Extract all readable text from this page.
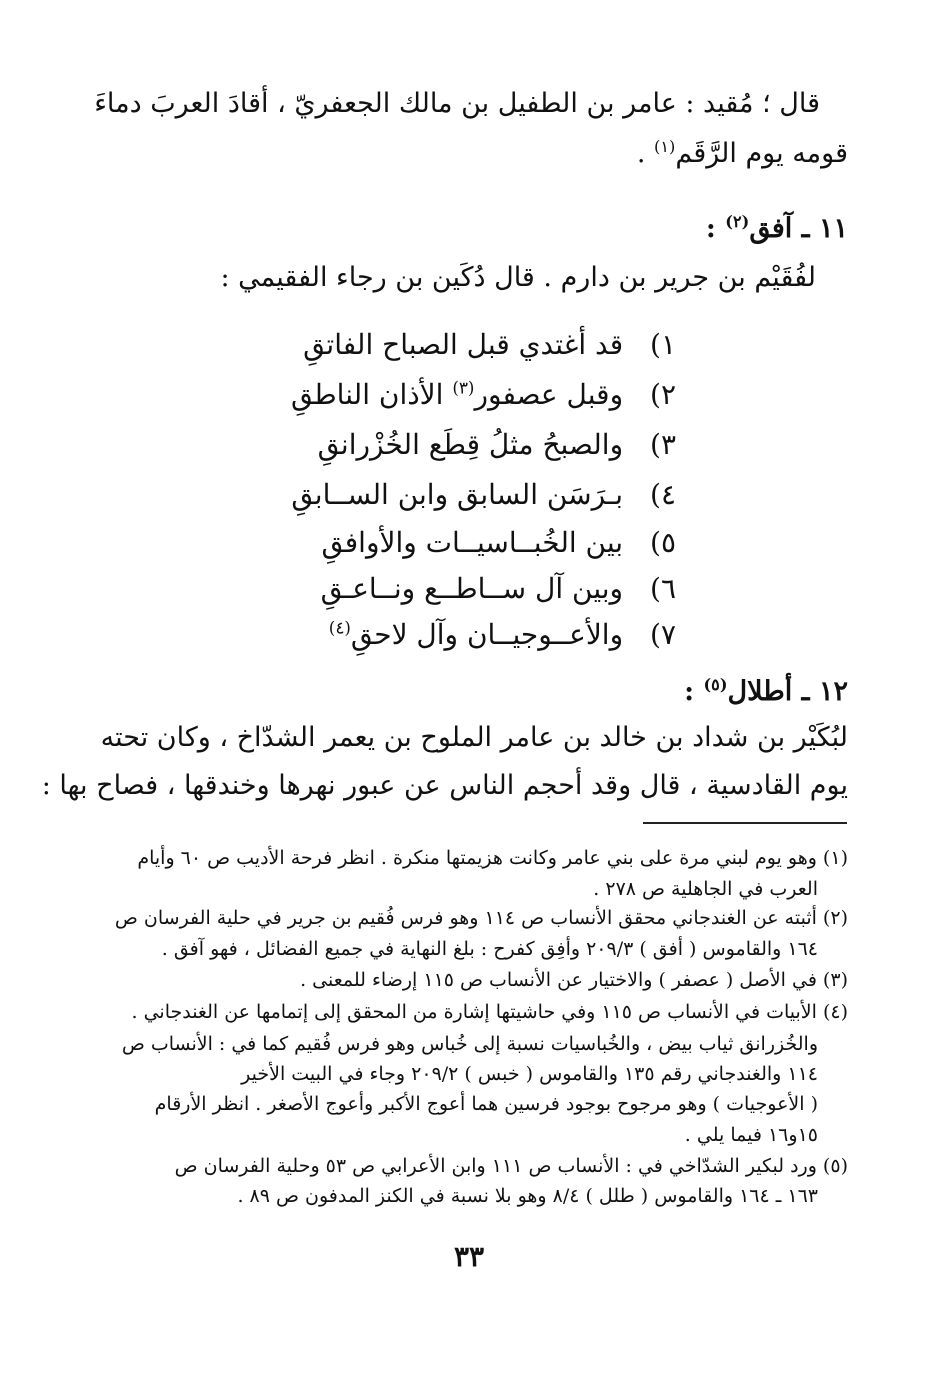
قال ؛ مُقيد : عامر بن الطفيل بن مالك الجعفريّ ، أقادَ العربَ دماءَ
قومه يوم الرَّقَم$^{(١)}$ .
١١ ـ آفق$^{(٢)}$ :
لفُقَيْم بن جرير بن دارم . قال دُكَين بن رجاء الفقيمي :
١) قد أغتدي قبل الصباح الفاتقِ
٢) وقبل عصفور$^{(٣)}$ الأذان الناطقِ
٣) والصبحُ مثلُ قِطَع الخُزْرانقِ
٤) بـرَسَن السابق وابن الســابقِ
٥) بين الخُبــاسيــات والأوافقِ
٦) وبين آل ســاطــع ونــاعـقِ
٧) والأعــوجيــان وآل لاحقِ$^{(٤)}$
١٢ ـ أطلال$^{(٥)}$ :
لبُكَيْر بن شداد بن خالد بن عامر الملوح بن يعمر الشدّاخ ، وكان تحته
يوم القادسية ، قال وقد أحجم الناس عن عبور نهرها وخندقها ، فصاح بها :
(١) وهو يوم لبني مرة على بني عامر وكانت هزيمتها منكرة . انظر فرحة الأديب ص ٦٠ وأيام
العرب في الجاهلية ص ٢٧٨ .
(٢) أثبته عن الغندجاني محقق الأنساب ص ١١٤ وهو فرس فُقيم بن جرير في حلية الفرسان ص
١٦٤ والقاموس ( أفق ) ٢٠٩/٣ وأفِق كفرح : بلغ النهاية في جميع الفضائل ، فهو آفق .
(٣) في الأصل ( عصفر ) والاختيار عن الأنساب ص ١١٥ إرضاء للمعنى .
(٤) الأبيات في الأنساب ص ١١٥ وفي حاشيتها إشارة من المحقق إلى إتمامها عن الغندجاني .
والخُزرانق ثياب بيض ، والخُباسيات نسبة إلى خُباس وهو فرس فُقيم كما في : الأنساب ص
١١٤ والغندجاني رقم ١٣٥ والقاموس ( خبس ) ٢٠٩/٢ وجاء في البيت الأخير
( الأعوجيات ) وهو مرجوح بوجود فرسين هما أعوج الأكبر وأعوج الأصغر . انظر الأرقام
١٥و١٦ فيما يلي .
(٥) ورد لبكير الشدّاخي في : الأنساب ص ١١١ وابن الأعرابي ص ٥٣ وحلية الفرسان ص
١٦٣ ـ ١٦٤ والقاموس ( طلل ) ٨/٤ وهو بلا نسبة في الكنز المدفون ص ٨٩ .
٣٣
